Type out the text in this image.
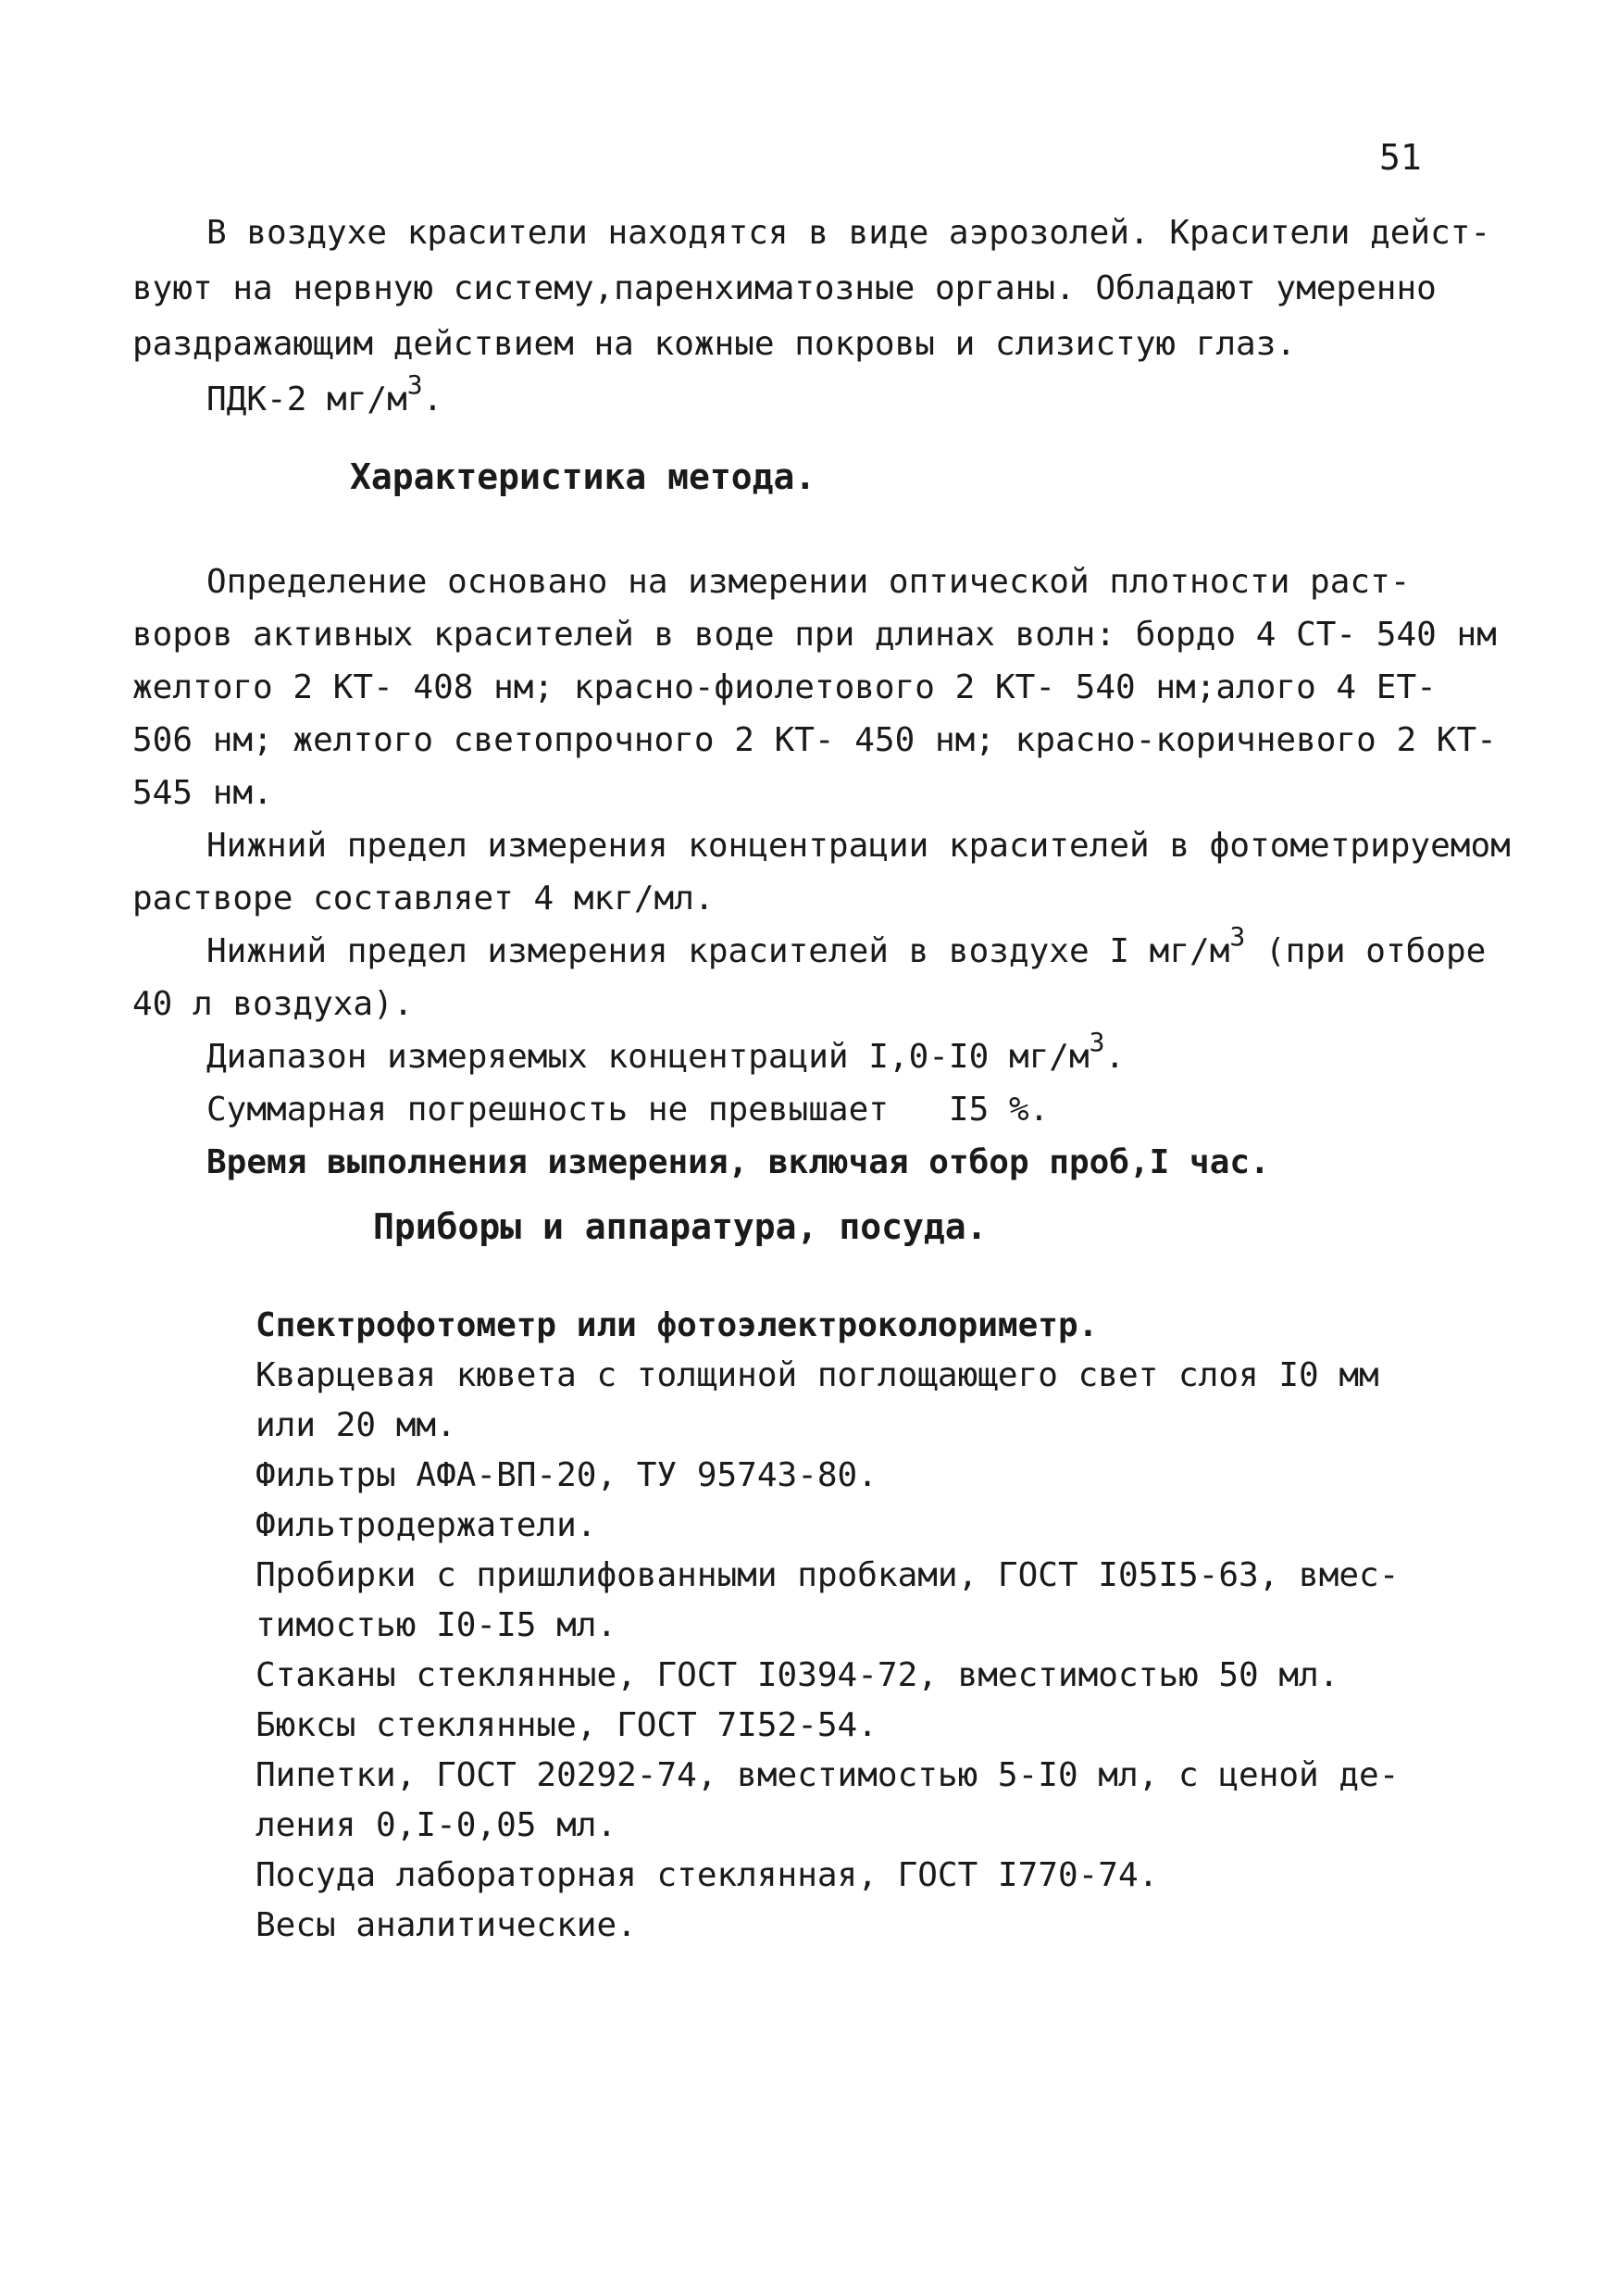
51
В воздухе красители находятся в виде аэрозолей. Красители дейст-
вуют на нервную систему,паренхиматозные органы. Обладают умеренно
раздражающим действием на кожные покровы и слизистую глаз.
ПДК-2 $мг/м^3$.
Характеристика метода.
Определение основано на измерении оптической плотности раст-
воров активных красителей в воде при длинах волн: бордо 4 СТ- 540 нм
желтого 2 КТ- 408 нм; красно-фиолетового 2 КТ- 540 нм;алого 4 ЕТ-
506 нм; желтого светопрочного 2 КТ- 450 нм; красно-коричневого 2 КТ-
545 нм.
Нижний предел измерения концентрации красителей в фотометрируемом
растворе составляет 4 мкг/мл.
Нижний предел измерения красителей в воздухе I $мг/м^3$ (при отборе
40 л воздуха).
Диапазон измеряемых концентраций I,0-I0 $мг/м^3$.
Суммарная погрешность не превышает   I5 %.
Время выполнения измерения, включая отбор проб,I час.
Приборы и аппаратура, посуда.
Спектрофотометр или фотоэлектроколориметр.
Кварцевая кювета с толщиной поглощающего свет слоя I0 мм
или 20 мм.
Фильтры АФА-ВП-20, ТУ 95743-80.
Фильтродержатели.
Пробирки с пришлифованными пробками, ГОСТ I05I5-63, вмес-
тимостью I0-I5 мл.
Стаканы стеклянные, ГОСТ I0394-72, вместимостью 50 мл.
Бюксы стеклянные, ГОСТ 7I52-54.
Пипетки, ГОСТ 20292-74, вместимостью 5-I0 мл, с ценой де-
ления 0,I-0,05 мл.
Посуда лабораторная стеклянная, ГОСТ I770-74.
Весы аналитические.
